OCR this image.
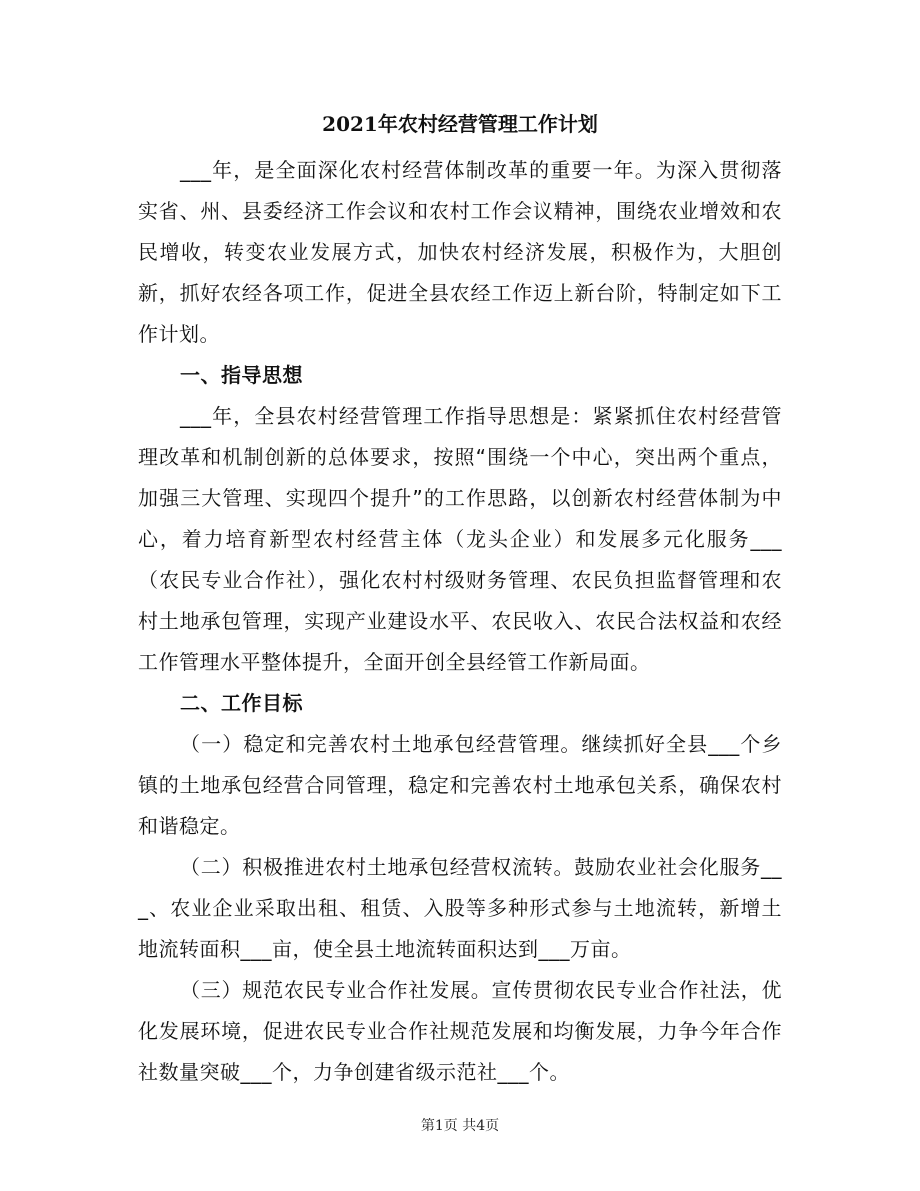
2021年农村经营管理工作计划

___年，是全面深化农村经营体制改革的重要一年。为深入贯彻落实省、州、县委经济工作会议和农村工作会议精神，围绕农业增效和农民增收，转变农业发展方式，加快农村经济发展，积极作为，大胆创新，抓好农经各项工作，促进全县农经工作迈上新台阶，特制定如下工作计划。

一、指导思想

___年，全县农村经营管理工作指导思想是：紧紧抓住农村经营管理改革和机制创新的总体要求，按照“围绕一个中心，突出两个重点，加强三大管理、实现四个提升”的工作思路，以创新农村经营体制为中心，着力培育新型农村经营主体（龙头企业）和发展多元化服务___（农民专业合作社），强化农村村级财务管理、农民负担监督管理和农村土地承包管理，实现产业建设水平、农民收入、农民合法权益和农经工作管理水平整体提升，全面开创全县经管工作新局面。

二、工作目标

（一）稳定和完善农村土地承包经营管理。继续抓好全县___个乡镇的土地承包经营合同管理，稳定和完善农村土地承包关系，确保农村和谐稳定。

（二）积极推进农村土地承包经营权流转。鼓励农业社会化服务___、农业企业采取出租、租赁、入股等多种形式参与土地流转，新增土地流转面积___亩，使全县土地流转面积达到___万亩。

（三）规范农民专业合作社发展。宣传贯彻农民专业合作社法，优化发展环境，促进农民专业合作社规范发展和均衡发展，力争今年合作社数量突破___个，力争创建省级示范社___个。

第1页 共4页
